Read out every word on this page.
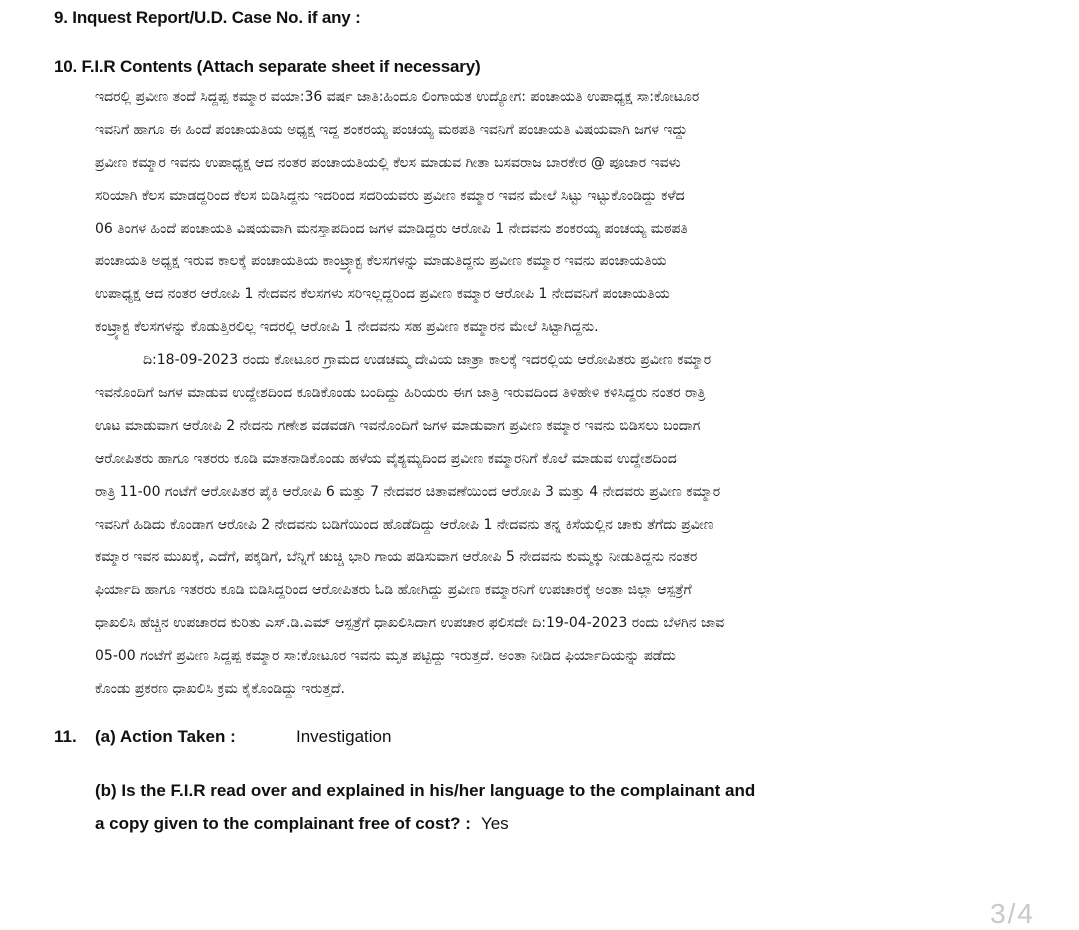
9. Inquest Report/U.D. Case No. if any :
10. F.I.R Contents (Attach separate sheet if necessary)
ಇದರಲ್ಲಿ ಪ್ರವೀಣ ತಂದೆ ಸಿದ್ದಪ್ಪ ಕಮ್ಮಾರ ವಯಾ:36 ವರ್ಷ ಜಾತಿ:ಹಿಂದೂ ಲಿಂಗಾಯತ ಉದ್ಯೋಗ: ಪಂಚಾಯತಿ ಉಪಾಧ್ಯಕ್ಷ ಸಾ:ಕೋಟೂರ
ಇವನಿಗೆ ಹಾಗೂ ಈ ಹಿಂದೆ ಪಂಚಾಯತಿಯ ಅಧ್ಯಕ್ಷ ಇದ್ದ ಶಂಕರಯ್ಯ ಪಂಚಯ್ಯ ಮಠಪತಿ ಇವನಿಗೆ ಪಂಚಾಯತಿ ವಿಷಯವಾಗಿ ಜಗಳ ಇದ್ದು
ಪ್ರವೀಣ ಕಮ್ಮಾರ ಇವನು ಉಪಾಧ್ಯಕ್ಷ ಆದ ನಂತರ ಪಂಚಾಯತಿಯಲ್ಲಿ ಕೆಲಸ ಮಾಡುವ ಗೀತಾ ಬಸವರಾಜ ಬಾರಕೇರ @ ಪೂಜಾರ ಇವಳು
ಸರಿಯಾಗಿ ಕೆಲಸ ಮಾಡದ್ದರಿಂದ ಕೆಲಸ ಬಿಡಿಸಿದ್ದನು ಇದರಿಂದ ಸದರಿಯವರು ಪ್ರವೀಣ ಕಮ್ಮಾರ ಇವನ ಮೇಲೆ ಸಿಟ್ಟು ಇಟ್ಟುಕೊಂಡಿದ್ದು ಕಳೆದ
06 ತಿಂಗಳ ಹಿಂದೆ ಪಂಚಾಯತಿ ವಿಷಯವಾಗಿ ಮನಸ್ತಾಪದಿಂದ ಜಗಳ ಮಾಡಿದ್ದರು ಆರೋಪಿ 1 ನೇದವನು ಶಂಕರಯ್ಯ ಪಂಚಯ್ಯ ಮಠಪತಿ
ಪಂಚಾಯತಿ ಅಧ್ಯಕ್ಷ ಇರುವ ಕಾಲಕ್ಕೆ ಪಂಚಾಯತಿಯ ಕಾಂಟ್ರ್ಯಾಕ್ಟ ಕೆಲಸಗಳನ್ನು ಮಾಡುತಿದ್ದನು ಪ್ರವೀಣ ಕಮ್ಮಾರ ಇವನು ಪಂಚಾಯತಿಯ
ಉಪಾಧ್ಯಕ್ಷ ಆದ ನಂತರ ಆರೋಪಿ 1 ನೇದವನ ಕೆಲಸಗಳು ಸರಿಇಲ್ಲದ್ದರಿಂದ ಪ್ರವೀಣ ಕಮ್ಮಾರ ಆರೋಪಿ 1 ನೇದವನಿಗೆ ಪಂಚಾಯತಿಯ
ಕಂಟ್ರ್ಯಾಕ್ಟ ಕೆಲಸಗಳನ್ನು ಕೊಡುತ್ತಿರಲಿಲ್ಲ ಇದರಲ್ಲಿ ಆರೋಪಿ 1 ನೇದವನು ಸಹ ಪ್ರವೀಣ ಕಮ್ಮಾರನ ಮೇಲೆ ಸಿಟ್ಟಾಗಿದ್ದನು.
ದಿ:18-09-2023 ರಂದು ಕೋಟೂರ ಗ್ರಾಮದ ಉಡಚಮ್ಮ ದೇವಿಯ ಜಾತ್ರಾ ಕಾಲಕ್ಕೆ ಇದರಲ್ಲಿಯ ಆರೋಪಿತರು ಪ್ರವೀಣ ಕಮ್ಮಾರ
ಇವನೊಂದಿಗೆ ಜಗಳ ಮಾಡುವ ಉದ್ದೇಶದಿಂದ ಕೂಡಿಕೊಂಡು ಬಂದಿದ್ದು ಹಿರಿಯರು ಈಗ ಜಾತ್ರಿ ಇರುವದಿಂದ ತಿಳಿಹೇಳಿ ಕಳಿಸಿದ್ದರು ನಂತರ ರಾತ್ರಿ
ಊಟ ಮಾಡುವಾಗ ಆರೋಪಿ 2 ನೇದನು ಗಣೇಶ ವಡವಡಗಿ ಇವನೊಂದಿಗೆ ಜಗಳ ಮಾಡುವಾಗ ಪ್ರವೀಣ ಕಮ್ಮಾರ ಇವನು ಬಿಡಿಸಲು ಬಂದಾಗ
ಆರೋಪಿತರು ಹಾಗೂ ಇತರರು ಕೂಡಿ ಮಾತನಾಡಿಕೊಂಡು ಹಳೆಯ ವೈಶ್ಯಮ್ಯದಿಂದ ಪ್ರವೀಣ ಕಮ್ಮಾರನಿಗೆ ಕೊಲೆ ಮಾಡುವ ಉದ್ದೇಶದಿಂದ
ರಾತ್ರಿ 11-00 ಗಂಟೆಗೆ ಆರೋಪಿತರ ಪೈಕಿ ಆರೋಪಿ 6 ಮತ್ತು 7 ನೇದವರ ಚಿತಾವಣೆಯಿಂದ ಆರೋಪಿ 3 ಮತ್ತು 4 ನೇದವರು ಪ್ರವೀಣ ಕಮ್ಮಾರ
ಇವನಿಗೆ ಹಿಡಿದು ಕೊಂಡಾಗ ಆರೋಪಿ 2 ನೇದವನು ಬಡಿಗೆಯಿಂದ ಹೊಡೆದಿದ್ದು ಆರೋಪಿ 1 ನೇದವನು ತನ್ನ ಕಿಸೆಯಲ್ಲಿನ ಚಾಕು ತೆಗೆದು ಪ್ರವೀಣ
ಕಮ್ಮಾರ ಇವನ ಮುಖಕ್ಕೆ, ಎದೆಗೆ, ಪಕ್ಕಡಿಗೆ, ಬೆನ್ನಿಗೆ ಚುಚ್ಚಿ ಭಾರಿ ಗಾಯ ಪಡಿಸುವಾಗ ಆರೋಪಿ 5 ನೇದವನು ಕುಮ್ಮಕ್ಕು ನೀಡುತಿದ್ದನು ನಂತರ
ಫಿರ್ಯಾದಿ ಹಾಗೂ ಇತರರು ಕೂಡಿ ಬಿಡಿಸಿದ್ದರಿಂದ ಆರೋಪಿತರು ಓಡಿ ಹೋಗಿದ್ದು ಪ್ರವೀಣ ಕಮ್ಮಾರನಿಗೆ ಉಪಚಾರಕ್ಕೆ ಅಂತಾ ಜಿಲ್ಲಾ ಆಸ್ಪತ್ರೆಗೆ
ಧಾಖಲಿಸಿ ಹೆಚ್ಚಿನ ಉಪಚಾರದ ಕುರಿತು ಎಸ್.ಡಿ.ಎಮ್ ಆಸ್ಪತ್ರೆಗೆ ಧಾಖಲಿಸಿದಾಗ ಉಪಚಾರ ಫಲಿಸದೇ ದಿ:19-04-2023 ರಂದು ಬೆಳಗಿನ ಜಾವ
05-00 ಗಂಟೆಗೆ ಪ್ರವೀಣ ಸಿದ್ದಪ್ಪ ಕಮ್ಮಾರ ಸಾ:ಕೋಟೂರ ಇವನು ಮೃತ ಪಟ್ಟಿದ್ದು ಇರುತ್ತದೆ. ಅಂತಾ ನೀಡಿದ ಫಿರ್ಯಾದಿಯನ್ನು ಪಡೆದು
ಕೊಂಡು ಪ್ರಕರಣ ಧಾಖಲಿಸಿ ಕ್ರಮ ಕೈಕೊಂಡಿದ್ದು ಇರುತ್ತದೆ.
11. (a) Action Taken :	Investigation
(b) Is the F.I.R read over and explained in his/her language to the complainant and
a copy given to the complainant free of cost? : Yes
3/4
